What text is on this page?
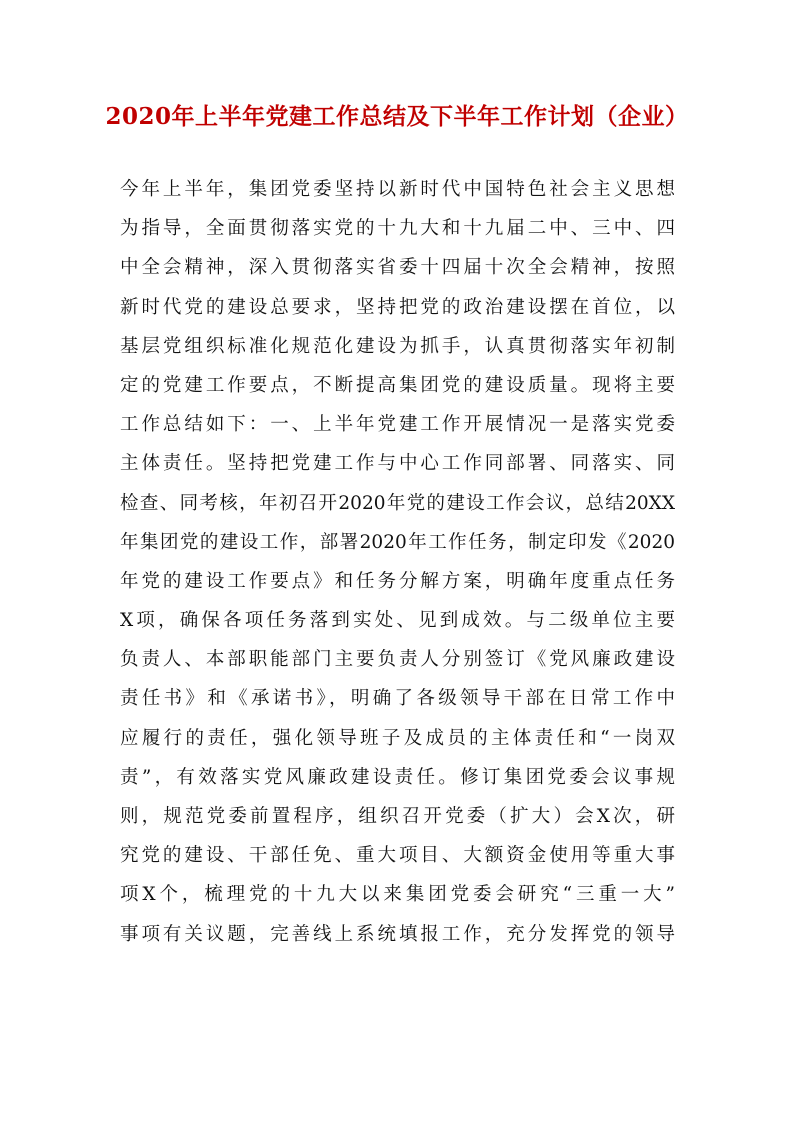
2020年上半年党建工作总结及下半年工作计划（企业）
今年上半年，集团党委坚持以新时代中国特色社会主义思想
为指导，全面贯彻落实党的十九大和十九届二中、三中、四
中全会精神，深入贯彻落实省委十四届十次全会精神，按照
新时代党的建设总要求，坚持把党的政治建设摆在首位，以
基层党组织标准化规范化建设为抓手，认真贯彻落实年初制
定的党建工作要点，不断提高集团党的建设质量。现将主要
工作总结如下：一、上半年党建工作开展情况一是落实党委
主体责任。坚持把党建工作与中心工作同部署、同落实、同
检查、同考核，年初召开2020年党的建设工作会议，总结20XX
年集团党的建设工作，部署2020年工作任务，制定印发《2020
年党的建设工作要点》和任务分解方案，明确年度重点任务
X项，确保各项任务落到实处、见到成效。与二级单位主要
负责人、本部职能部门主要负责人分别签订《党风廉政建设
责任书》和《承诺书》，明确了各级领导干部在日常工作中
应履行的责任，强化领导班子及成员的主体责任和“一岗双
责”，有效落实党风廉政建设责任。修订集团党委会议事规
则，规范党委前置程序，组织召开党委（扩大）会X次，研
究党的建设、干部任免、重大项目、大额资金使用等重大事
项X个，梳理党的十九大以来集团党委会研究“三重一大”
事项有关议题，完善线上系统填报工作，充分发挥党的领导
